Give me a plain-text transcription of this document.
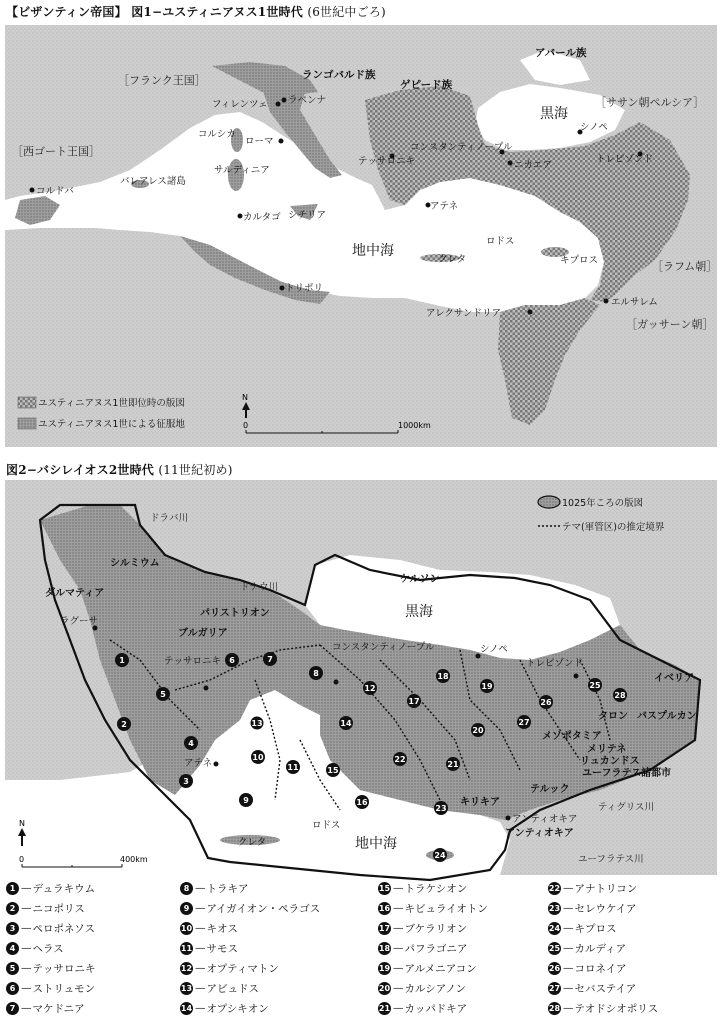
【ビザンティン帝国】 図1−ユスティニアヌス1世時代 (6世紀中ごろ)
図2−バシレイオス2世時代 (11世紀初め)
［フランク王国］
［西ゴート王国］
［ササン朝ペルシア］
［ラフム朝］
［ガッサーン朝］
ランゴバルド族
ゲピード族
アバール族
黒海
地中海
フィレンツェ ラベンナ
ローマ
コルシカ
サルディニア
バレアレス諸島
コルドバ
カルタゴ シチリア
トリポリ
テッサロニキ
コンスタンティノープル
ニカエア
シノペ
トレビゾンド
アテネ
ロドス
クレタ	キプロス
エルサレム
アレクサンドリア
ユスティニアヌス1世即位時の版図
ユスティニアヌス1世による征服地
N
0	1000km
1025年ころの版図
テマ(軍管区)の推定境界
ドラバ川
ドナウ川
ティグリス川
ユーフラテス川
シルミウム
ダルマティア
パリストリオン
ブルガリア
ケルソン
イベリア
タロン バスプルカン
メソポタミア
メリテネ
リュカンドス
ユーフラテス諸都市
テルック
キリキア
アンティオキア
黒海
地中海
ラグーサ
テッサロニキ
コンスタンティノープル	シノペ
トレビゾンド
アテネ
ロドス
クレタ
アンティオキア
1
2
3
4
5
6	7
8
9
10
11
12
13	14
15
16
17
18
19
20
21
22
23
24
25
26
27
28
N
0	400km
1 — デュラキウム
2 — ニコポリス
3 — ペロポネソス
4 — ヘラス
5 — テッサロニキ
6 — ストリュモン
7 — マケドニア
8 — トラキア
9 — アイガイオン・ペラゴス
10 — キオス
11 — サモス
12 — オプティマトン
13 — アビュドス
14 — オプシキオン
15 — トラケシオン
16 — キビュライオトン
17 — ブケラリオン
18 — パフラゴニア
19 — アルメニアコン
20 — カルシアノン
21 — カッパドキア
22 — アナトリコン
23 — セレウケイア
24 — キプロス
25 — カルディア
26 — コロネイア
27 — セバステイア
28 — テオドシオポリス
